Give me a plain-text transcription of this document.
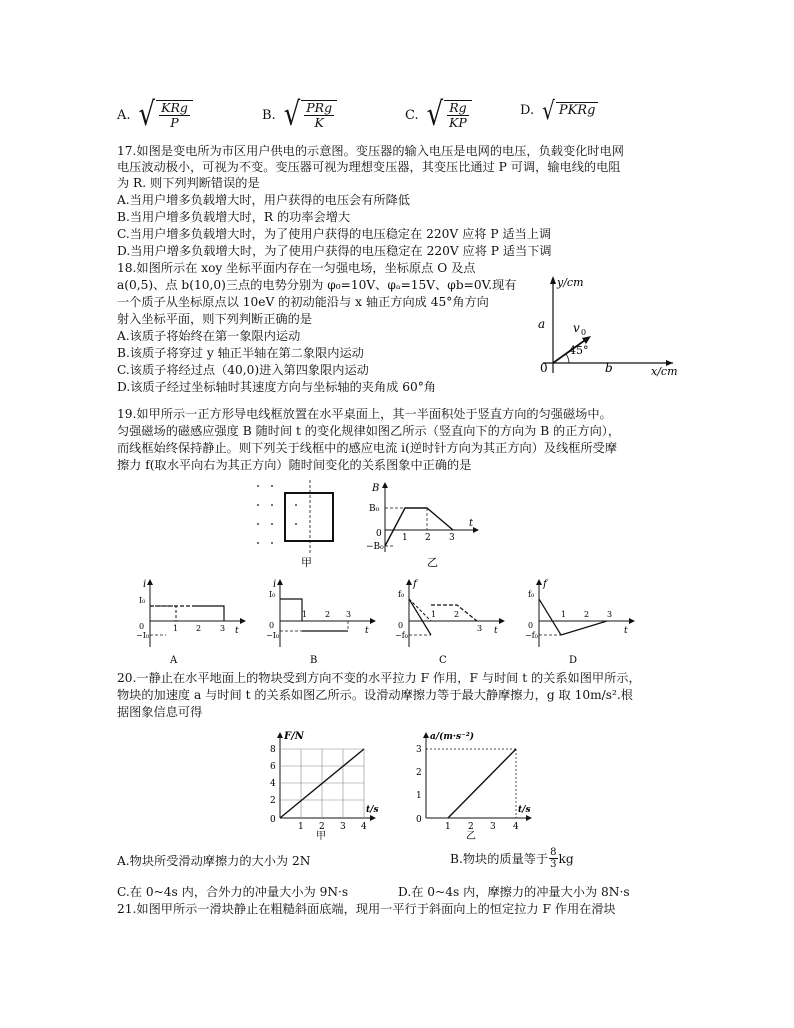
A. √ $\frac{\text{KRg}}{P}$	B. √ $\frac{\text{PRg}}{K}$	C. √ $\frac{Rg}{KP}$	D. √ PKRg
17.如图是变电所为市区用户供电的示意图。变压器的输入电压是电网的电压，负载变化时电网
电压波动极小，可视为不变。变压器可视为理想变压器，其变压比通过 P 可调，输电线的电阻
为 R. 则下列判断错误的是
A.当用户增多负载增大时，用户获得的电压会有所降低
B.当用户增多负载增大时，R 的功率会增大
C.当用户增多负载增大时，为了使用户获得的电压稳定在 220V 应将 P 适当上调
D.当用户增多负载增大时，为了使用户获得的电压稳定在 220V 应将 P 适当下调
18.如图所示在 xoy 坐标平面内存在一匀强电场，坐标原点 O 及点
a(0,5)、点 b(10,0)三点的电势分别为 φ₀=10V、φₐ=15V、φb=0V.现有
一个质子从坐标原点以 10eV 的初动能沿与 x 轴正方向成 45°角方向
射入坐标平面，则下列判断正确的是
A.该质子将始终在第一象限内运动
B.该质子将穿过 y 轴正半轴在第二象限内运动
C.该质子将经过点（40,0)进入第四象限内运动
D.该质子经过坐标轴时其速度方向与坐标轴的夹角成 60°角
y/cm
x/cm
a
b
0
v 0
45°
19.如甲所示一正方形导电线框放置在水平桌面上，其一半面积处于竖直方向的匀强磁场中。
匀强磁场的磁感应强度 B 随时间 t 的变化规律如图乙所示（竖直向下的方向为 B 的正方向），
而线框始终保持静止。则下列关于线框中的感应电流 i(逆时针方向为其正方向）及线框所受摩
擦力 f(取水平向右为其正方向）随时间变化的关系图象中正确的是
甲
B
B₀
−B₀
0 1 2 3
t
乙
i
I₀
0
−I₀
1 2 3 t
A
i
I₀
0
−I₀
1 2 3
t
B
f
f₀
0
−f₀
1 2
3 t
C
f
f₀
0
−f₀
1 2 3
t
D
20.一静止在水平地面上的物块受到方向不变的水平拉力 F 作用，F 与时间 t 的关系如图甲所示，
物块的加速度 a 与时间 t 的关系如图乙所示。设滑动摩擦力等于最大静摩擦力，g 取 10m/s².根
据图象信息可得
F/N
8
6
4
2
0
1 2 3 4
t/s
甲
a/(m·s⁻²)
3
2
1
0
1 2 3 4
t/s
乙
A.物块所受滑动摩擦力的大小为 2N	B.物块的质量等于 $\frac{8}{3}$ kg
C.在 0~4s 内，合外力的冲量大小为 9N·s	D.在 0~4s 内，摩擦力的冲量大小为 8N·s
21.如图甲所示一滑块静止在粗糙斜面底端，现用一平行于斜面向上的恒定拉力 F 作用在滑块
